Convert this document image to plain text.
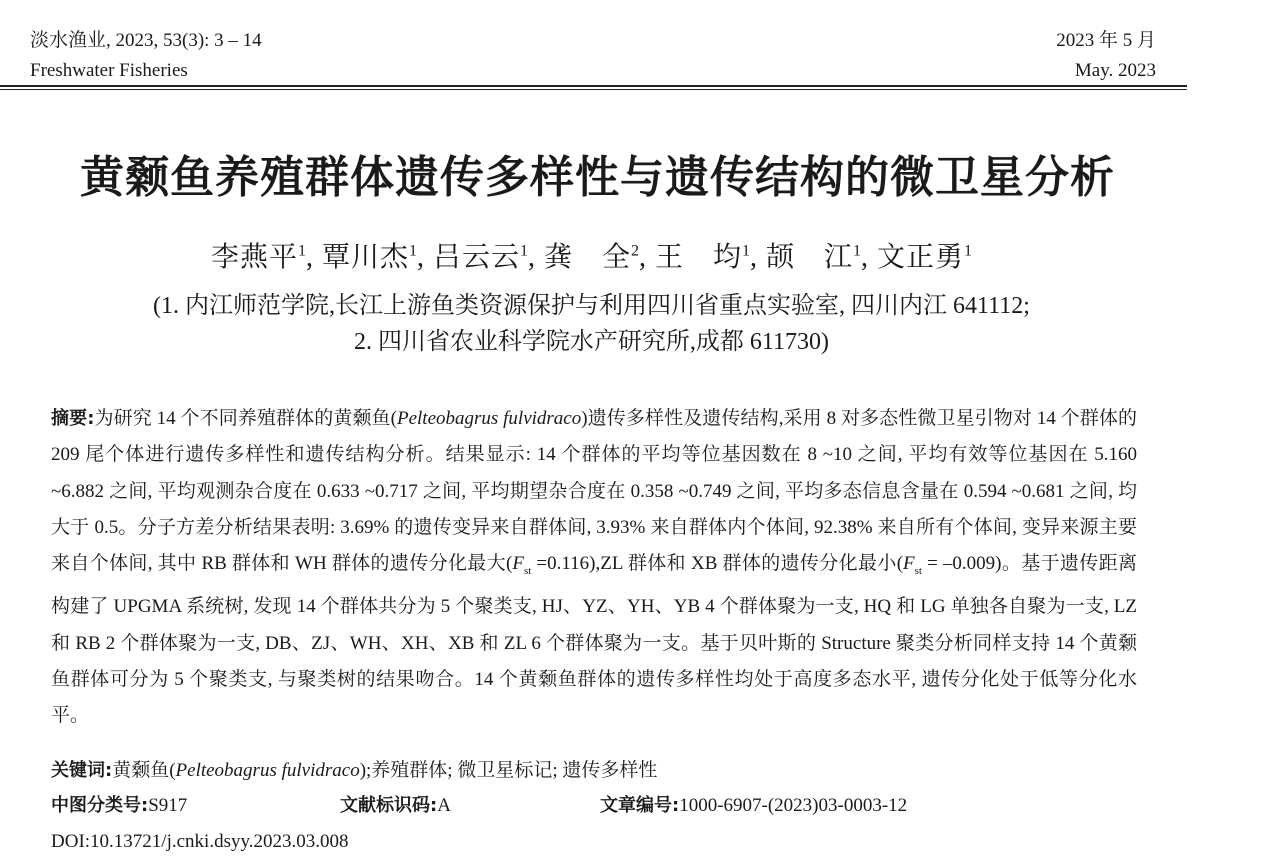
淡水渔业, 2023, 53(3): 3 – 14
Freshwater Fisheries
2023 年 5 月
May. 2023
黄颡鱼养殖群体遗传多样性与遗传结构的微卫星分析
李燕平$^1$, 覃川杰$^1$, 吕云云$^1$, 龚　全$^2$, 王　均$^1$, 颉　江$^1$, 文正勇$^1$
(1. 内江师范学院,长江上游鱼类资源保护与利用四川省重点实验室, 四川内江 641112;
2. 四川省农业科学院水产研究所,成都 611730)
摘要:为研究 14 个不同养殖群体的黄颡鱼(Pelteobagrus fulvidraco)遗传多样性及遗传结构,采用 8 对多态性微卫星引物对 14 个群体的 209 尾个体进行遗传多样性和遗传结构分析。结果显示: 14 个群体的平均等位基因数在 8 ~10 之间, 平均有效等位基因在 5.160 ~6.882 之间, 平均观测杂合度在 0.633 ~0.717 之间, 平均期望杂合度在 0.358 ~0.749 之间, 平均多态信息含量在 0.594 ~0.681 之间, 均大于 0.5。分子方差分析结果表明: 3.69% 的遗传变异来自群体间, 3.93% 来自群体内个体间, 92.38% 来自所有个体间, 变异来源主要来自个体间, 其中 RB 群体和 WH 群体的遗传分化最大$(F_{st} =0.116),ZL$ 群体和 XB 群体的遗传分化最小$(F_{st} = -0.009)$。基于遗传距离构建了 UPGMA 系统树, 发现 14 个群体共分为 5 个聚类支, HJ、YZ、YH、YB 4 个群体聚为一支, HQ 和 LG 单独各自聚为一支, LZ 和 RB 2 个群体聚为一支, DB、ZJ、WH、XH、XB 和 ZL 6 个群体聚为一支。基于贝叶斯的 Structure 聚类分析同样支持 14 个黄颡鱼群体可分为 5 个聚类支, 与聚类树的结果吻合。14 个黄颡鱼群体的遗传多样性均处于高度多态水平, 遗传分化处于低等分化水平。
关键词:黄颡鱼(Pelteobagrus fulvidraco);养殖群体; 微卫星标记; 遗传多样性
中图分类号:S917	文献标识码:A	文章编号:1000-6907-(2023)03-0003-12
DOI:10.13721/j.cnki.dsyy.2023.03.008
